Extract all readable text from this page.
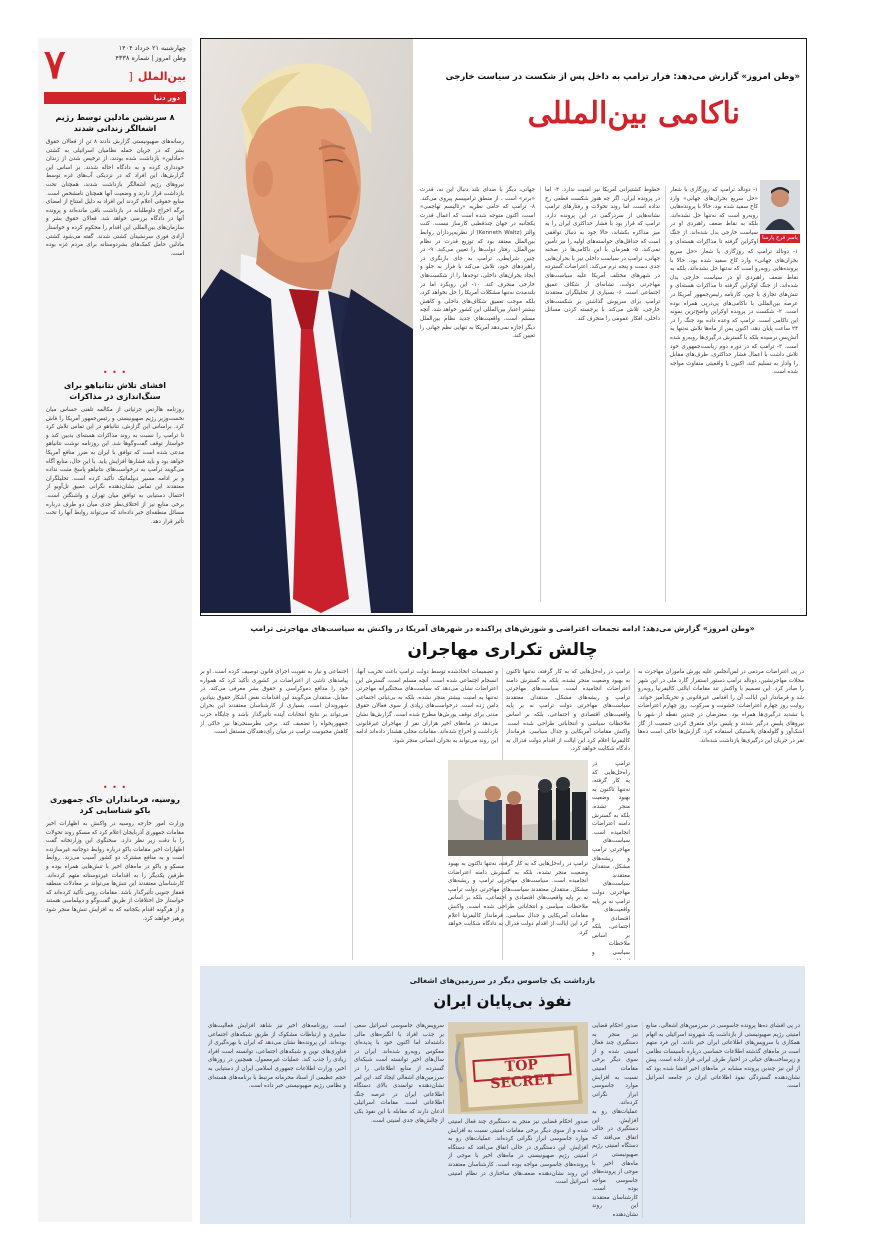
۷	چهارشنبه ۲۱ خرداد ۱۴۰۴
وطن امروز | شماره ۴۳۳۸
] بین‌الملل
دور دنیا
۸ سرنشین مادلین توسط رژیم اشغالگر زندانی شدند

رسانه‌های صهیونیستی گزارش دادند ۸ تن از فعالان حقوق بشر که در جریان حمله نظامیان اسرائیلی به کشتی «مادلین» بازداشت شده بودند، از ترخیص شدن از زندان خودداری کرده و به دادگاه احاله شدند. بر اساس این گزارش‌ها، این افراد که در نزدیکی آب‌های غزه توسط نیروهای رژیم اشغالگر بازداشت شدند، همچنان تحت بازداشت قرار دارند و وضعیت آنها همچنان نامشخص است. منابع حقوقی اعلام کردند این افراد به دلیل امتناع از امضای برگه اخراج داوطلبانه در بازداشت باقی مانده‌اند و پرونده آنها در دادگاه بررسی خواهد شد. فعالان حقوق بشر و سازمان‌های بین‌المللی این اقدام را محکوم کرده و خواستار آزادی فوری سرنشینان کشتی شدند. گفته می‌شود کشتی مادلین حامل کمک‌های بشردوستانه برای مردم غزه بوده است.

• • •
افشای تلاش نتانیاهو برای سنگ‌اندازی در مذاکرات

روزنامه هاآرتص جزئیاتی از مکالمه تلفنی حساس میان نخست‌وزیر رژیم صهیونیستی و رئیس‌جمهور آمریکا را فاش کرد. براساس این گزارش، نتانیاهو در این تماس تلاش کرد تا ترامپ را نسبت به روند مذاکرات هسته‌ای بدبین کند و خواستار توقف گفت‌وگوها شد. این روزنامه نوشت نتانیاهو مدعی شده است که توافق با ایران به ضرر منافع آمریکا خواهد بود و باید فشارها افزایش یابد. با این حال، منابع آگاه می‌گویند ترامپ به درخواست‌های نتانیاهو پاسخ مثبت نداده و بر ادامه مسیر دیپلماتیک تأکید کرده است. تحلیلگران معتقدند این تماس نشان‌دهنده نگرانی عمیق تل‌آویو از احتمال دستیابی به توافق میان تهران و واشنگتن است. برخی منابع نیز از اختلاف‌نظر جدی میان دو طرف درباره مسائل منطقه‌ای خبر داده‌اند که می‌تواند روابط آنها را تحت تأثیر قرار دهد.

• • •
روسیه، فرمانداران خاک جمهوری باکو شناسایی کرد

وزارت امور خارجه روسیه در واکنش به اظهارات اخیر مقامات جمهوری آذربایجان اعلام کرد که مسکو روند تحولات را با دقت زیر نظر دارد. سخنگوی این وزارتخانه گفت اظهارات اخیر مقامات باکو درباره روابط دوجانبه غیرسازنده است و به منافع مشترک دو کشور آسیب می‌زند. روابط مسکو و باکو در ماه‌های اخیر با تنش‌هایی همراه بوده و طرفین یکدیگر را به اقدامات غیردوستانه متهم کرده‌اند. کارشناسان معتقدند این تنش‌ها می‌تواند بر معادلات منطقه قفقاز جنوبی تأثیرگذار باشد. مقامات روس تأکید کرده‌اند که خواستار حل اختلافات از طریق گفت‌وگو و دیپلماسی هستند و از هرگونه اقدام یکجانبه که به افزایش تنش‌ها منجر شود پرهیز خواهند کرد.

«وطن امروز» گزارش می‌دهد: فرار ترامپ به داخل پس از شکست در سیاست خارجی
ناکامی بین‌المللی
یاسر فرج پارسا

جهانی، دیگر با صدای بلند دنبال این نه، قدرت «برتر» است ، از منطق ترامپیسم پیروی می‌کند. ۸- ترامپ که حامی نظریه «رئالیسم تهاجمی» است، اکنون متوجه شده است که اعمال قدرت یکجانبه در جهان چندقطبی کارساز نیست. کنت والتز (Kenneth Waltz) از نظریه‌پردازان روابط بین‌الملل معتقد بود که توزیع قدرت در نظام بین‌الملل، رفتار دولت‌ها را تعیین می‌کند. ۹- در چنین شرایطی، ترامپ به جای بازنگری در راهبردهای خود، تلاش می‌کند با فرار به جلو و ایجاد بحران‌های داخلی، توجه‌ها را از شکست‌های خارجی منحرف کند. ۱۰- این رویکرد اما در بلندمدت نه‌تنها مشکلات آمریکا را حل نخواهد کرد، بلکه موجب تعمیق شکاف‌های داخلی و کاهش بیشتر اعتبار بین‌المللی این کشور خواهد شد. آنچه مسلم است، واقعیت‌های جدید نظام بین‌الملل دیگر اجازه نمی‌دهد آمریکا به تنهایی نظم جهانی را تعیین کند.

خطوط کشتیرانی آمریکا نیز امنیت ندارد. ۴- اما در پرونده ایران، اگر چه هنوز شکست قطعی رخ نداده است، اما روند تحولات و رفتارهای ترامپ نشانه‌هایی از سردرگمی در این پرونده دارد. ترامپ که قرار بود با فشار حداکثری ایران را به میز مذاکره بکشاند، حالا خود به دنبال توافقی است که حداقل‌های خواسته‌های اولیه را نیز تأمین نمی‌کند. ۵- همزمان با این ناکامی‌ها در صحنه جهانی، ترامپ در سیاست داخلی نیز با بحران‌هایی جدی دست و پنجه نرم می‌کند. اعتراضات گسترده در شهرهای مختلف آمریکا علیه سیاست‌های مهاجرتی دولت، نشانه‌ای از شکاف عمیق اجتماعی است. ۶- بسیاری از تحلیلگران معتقدند ترامپ برای سرپوش گذاشتن بر شکست‌های خارجی، تلاش می‌کند با برجسته کردن مسائل داخلی، افکار عمومی را منحرف کند.

۱- دونالد ترامپ که روزگاری با شعار «حل سریع بحران‌های جهانی» وارد کاخ سفید شده بود، حالا با پرونده‌هایی روبه‌رو است که نه‌تنها حل نشده‌اند، بلکه به نقاط ضعف راهبردی او در سیاست خارجی بدل شده‌اند. از جنگ اوکراین گرفته تا مذاکرات هسته‌ای و

۱- دونالد ترامپ که روزگاری با شعار «حل سریع بحران‌های جهانی» وارد کاخ سفید شده بود، حالا با پرونده‌هایی روبه‌رو است که نه‌تنها حل نشده‌اند، بلکه به نقاط ضعف راهبردی او در سیاست خارجی بدل شده‌اند. از جنگ اوکراین گرفته تا مذاکرات هسته‌ای و تنش‌های تجاری با چین، کارنامه رئیس‌جمهور آمریکا در عرصه بین‌المللی با ناکامی‌های پی‌درپی همراه بوده است. ۲- شکست در پرونده اوکراین واضح‌ترین نمونه این ناکامی است. ترامپ که وعده داده بود جنگ را در ۲۴ ساعت پایان دهد، اکنون پس از ماه‌ها تلاش نه‌تنها به آتش‌بس نرسیده بلکه با گسترش درگیری‌ها روبه‌رو شده است. ۳- ترامپ که در دوره دوم ریاست‌جمهوری خود تلاش داشت با اعمال فشار حداکثری، طرف‌های مقابل را وادار به تسلیم کند، اکنون با واقعیتی متفاوت مواجه شده است.

«وطن امروز» گزارش می‌دهد: ادامه تجمعات اعتراضی و شورش‌های پراکنده در شهرهای آمریکا در واکنش به سیاست‌های مهاجرتی ترامپ
چالش تکراری مهاجران

اجتماعی و نیاز به تقویت اجرای قانون توصیف کرده است. او بر پیامدهای ناشی از اعتراضات در کشوری تأکید کرد که همواره خود را مدافع دموکراسی و حقوق بشر معرفی می‌کند. در مقابل، منتقدان می‌گویند این اقدامات نقض آشکار حقوق بنیادین شهروندان است. بسیاری از کارشناسان معتقدند این بحران می‌تواند بر نتایج انتخابات آینده تأثیرگذار باشد و جایگاه حزب جمهوریخواه را تضعیف کند. برخی نظرسنجی‌ها نیز حاکی از کاهش محبوبیت ترامپ در میان رأی‌دهندگان مستقل است.

و تصمیمات اتخاذشده توسط دولت ترامپ باعث تخریب آنها، انسجام اجتماعی شده است. آنچه مسلم است، گسترش این اعتراضات نشان می‌دهد که سیاست‌های سختگیرانه مهاجرتی نه‌تنها به امنیت بیشتر منجر نشده، بلکه به بی‌ثباتی اجتماعی دامن زده است. درخواست‌های زیادی از سوی فعالان حقوق مدنی برای توقف یورش‌ها مطرح شده است. گزارش‌ها نشان می‌دهد در ماه‌های اخیر هزاران نفر از مهاجران غیرقانونی بازداشت و اخراج شده‌اند. مقامات محلی هشدار داده‌اند ادامه این روند می‌تواند به بحران انسانی منجر شود.

ترامپ در راه‌حل‌هایی که به کار گرفته، نه‌تنها تاکنون به بهبود وضعیت منجر نشده، بلکه به گسترش دامنه اعتراضات انجامیده است. سیاست‌های مهاجرتی ترامپ و ریشه‌های مشکل. منتقدان معتقدند سیاست‌های مهاجرتی دولت ترامپ نه بر پایه واقعیت‌های اقتصادی و اجتماعی، بلکه بر اساس ملاحظات سیاسی و انتخاباتی طراحی شده است. واکنش مقامات آمریکایی و جدال سیاسی. فرماندار کالیفرنیا اعلام کرد این ایالت از اقدام دولت فدرال به دادگاه شکایت خواهد کرد.

ترامپ در راه‌حل‌هایی که به کار گرفته، نه‌تنها تاکنون به بهبود وضعیت منجر نشده، بلکه به گسترش دامنه اعتراضات انجامیده است. سیاست‌های مهاجرتی ترامپ و ریشه‌های مشکل. منتقدان معتقدند سیاست‌های مهاجرتی دولت ترامپ نه بر پایه واقعیت‌های اقتصادی و اجتماعی، بلکه بر اساس ملاحظات سیاسی و

ترامپ در راه‌حل‌هایی که به کار گرفته، نه‌تنها تاکنون به بهبود وضعیت منجر نشده، بلکه به گسترش دامنه اعتراضات انجامیده است. سیاست‌های مهاجرتی ترامپ و ریشه‌های مشکل. منتقدان معتقدند سیاست‌های مهاجرتی دولت ترامپ نه بر پایه واقعیت‌های اقتصادی و اجتماعی، بلکه بر اساس ملاحظات سیاسی و انتخاباتی طراحی شده است. واکنش مقامات آمریکایی و جدال سیاسی. فرماندار کالیفرنیا اعلام کرد این ایالت از اقدام دولت فدرال به دادگاه شکایت خواهد کرد.

در پی اعتراضات مردمی در لس‌آنجلس علیه یورش مأموران مهاجرت به محلات مهاجرنشین، دونالد ترامپ دستور استقرار گارد ملی در این شهر را صادر کرد. این تصمیم با واکنش تند مقامات ایالتی کالیفرنیا روبه‌رو شد و فرماندار این ایالت آن را اقدامی غیرقانونی و تحریک‌آمیز خواند. روایت روز چهارم اعتراضات: خشونت و سرکوب. روز چهارم اعتراضات با تشدید درگیری‌ها همراه بود. معترضان در چندین نقطه از شهر با نیروهای پلیس درگیر شدند و پلیس برای متفرق کردن جمعیت از گاز اشک‌آور و گلوله‌های پلاستیکی استفاده کرد. گزارش‌ها حاکی است ده‌ها نفر در جریان این درگیری‌ها بازداشت شده‌اند.

بازداشت یک جاسوس دیگر در سرزمین‌های اشغالی
نفوذ بی‌پایان ایران

است. روزنامه‌های اخیر نیز شاهد افزایش فعالیت‌های سایبری و ارتباطات مشکوک از طریق شبکه‌های اجتماعی بوده‌اند. این پرونده‌ها نشان می‌دهد که ایران با بهره‌گیری از فناوری‌های نوین و شبکه‌های اجتماعی، توانسته است افراد زیادی را جذب کند. عملیات غیرمعمول. همچنین در روزهای اخیر، وزارت اطلاعات جمهوری اسلامی ایران از دستیابی به حجم عظیمی از اسناد محرمانه مرتبط با برنامه‌های هسته‌ای و نظامی رژیم صهیونیستی خبر داده است.

سرویس‌های جاسوسی اسرائیل سعی بر جذب افراد با انگیزه‌های مالی داشته‌اند اما اکنون خود با پدیده‌ای معکوس روبه‌رو شده‌اند. ایران در سال‌های اخیر توانسته است شبکه‌ای گسترده از منابع اطلاعاتی را در سرزمین‌های اشغالی ایجاد کند. این امر نشان‌دهنده توانمندی بالای دستگاه اطلاعاتی ایران در عرصه جنگ اطلاعاتی است. مقامات اسرائیلی اذعان دارند که مقابله با این نفوذ یکی از چالش‌های جدی امنیتی است.

TOP SECRET

صدور احکام قضایی نیز منجر به دستگیری چند فعال امنیتی شده و از سوی دیگر برخی مقامات امنیتی نسبت به افزایش موارد جاسوسی ابراز نگرانی کرده‌اند. عملیات‌های رو به افزایش. این دستگیری در حالی اتفاق می‌افتد که دستگاه امنیتی رژیم صهیونیستی در ماه‌های اخیر با موجی از پرونده‌های جاسوسی مواجه بوده است. کارشناسان معتقدند این روند نشان‌دهنده ضعف‌های ساختاری در نظام امنیتی اسرائیل است.

صدور احکام قضایی نیز منجر به دستگیری چند فعال امنیتی شده و از سوی دیگر برخی مقامات امنیتی نسبت به افزایش موارد جاسوسی ابراز نگرانی کرده‌اند. عملیات‌های رو به افزایش. این دستگیری در حالی اتفاق می‌افتد که دستگاه امنیتی رژیم صهیونیستی در ماه‌های اخیر با موجی از پرونده‌های جاسوسی مواجه بوده است. کارشناسان معتقدند این روند نشان‌دهنده

در پی افشای ده‌ها پرونده جاسوسی در سرزمین‌های اشغالی، منابع امنیتی رژیم صهیونیستی از بازداشت یک شهروند اسرائیلی به اتهام همکاری با سرویس‌های اطلاعاتی ایران خبر دادند. این فرد متهم است در ماه‌های گذشته اطلاعات حساسی درباره تأسیسات نظامی و زیرساخت‌های حیاتی در اختیار طرف ایرانی قرار داده است. پیش از این نیز چندین پرونده مشابه در ماه‌های اخیر افشا شده بود که نشان‌دهنده گستردگی نفوذ اطلاعاتی ایران در جامعه اسرائیل است.
